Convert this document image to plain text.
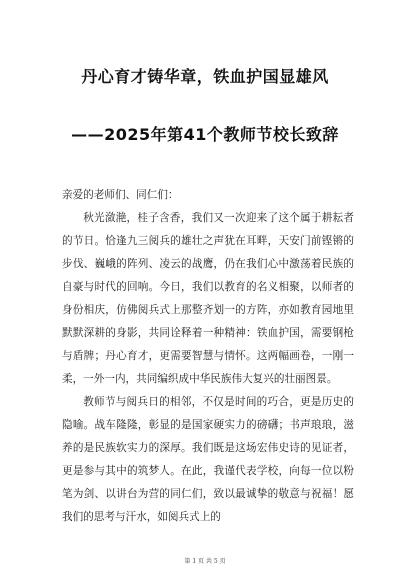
丹心育才铸华章，铁血护国显雄风
——2025年第41个教师节校长致辞

亲爱的老师们、同仁们：

秋光潋滟，桂子含香，我们又一次迎来了这个属于耕耘者的节日。恰逢九三阅兵的雄壮之声犹在耳畔，天安门前铿锵的步伐、巍峨的阵列、凌云的战鹰，仍在我们心中激荡着民族的自豪与时代的回响。今日，我们以教育的名义相聚，以师者的身份相庆，仿佛阅兵式上那整齐划一的方阵，亦如教育园地里默默深耕的身影，共同诠释着一种精神：铁血护国，需要钢枪与盾牌；丹心育才，更需要智慧与情怀。这两幅画卷，一刚一柔，一外一内，共同编织成中华民族伟大复兴的壮丽图景。

教师节与阅兵日的相邻，不仅是时间的巧合，更是历史的隐喻。战车隆隆，彰显的是国家硬实力的磅礴；书声琅琅，滋养的是民族软实力的深厚。我们既是这场宏伟史诗的见证者，更是参与其中的筑梦人。在此，我谨代表学校，向每一位以粉笔为剑、以讲台为营的同仁们，致以最诚挚的敬意与祝福！愿我们的思考与汗水，如阅兵式上的

第 1 页 共 5 页
